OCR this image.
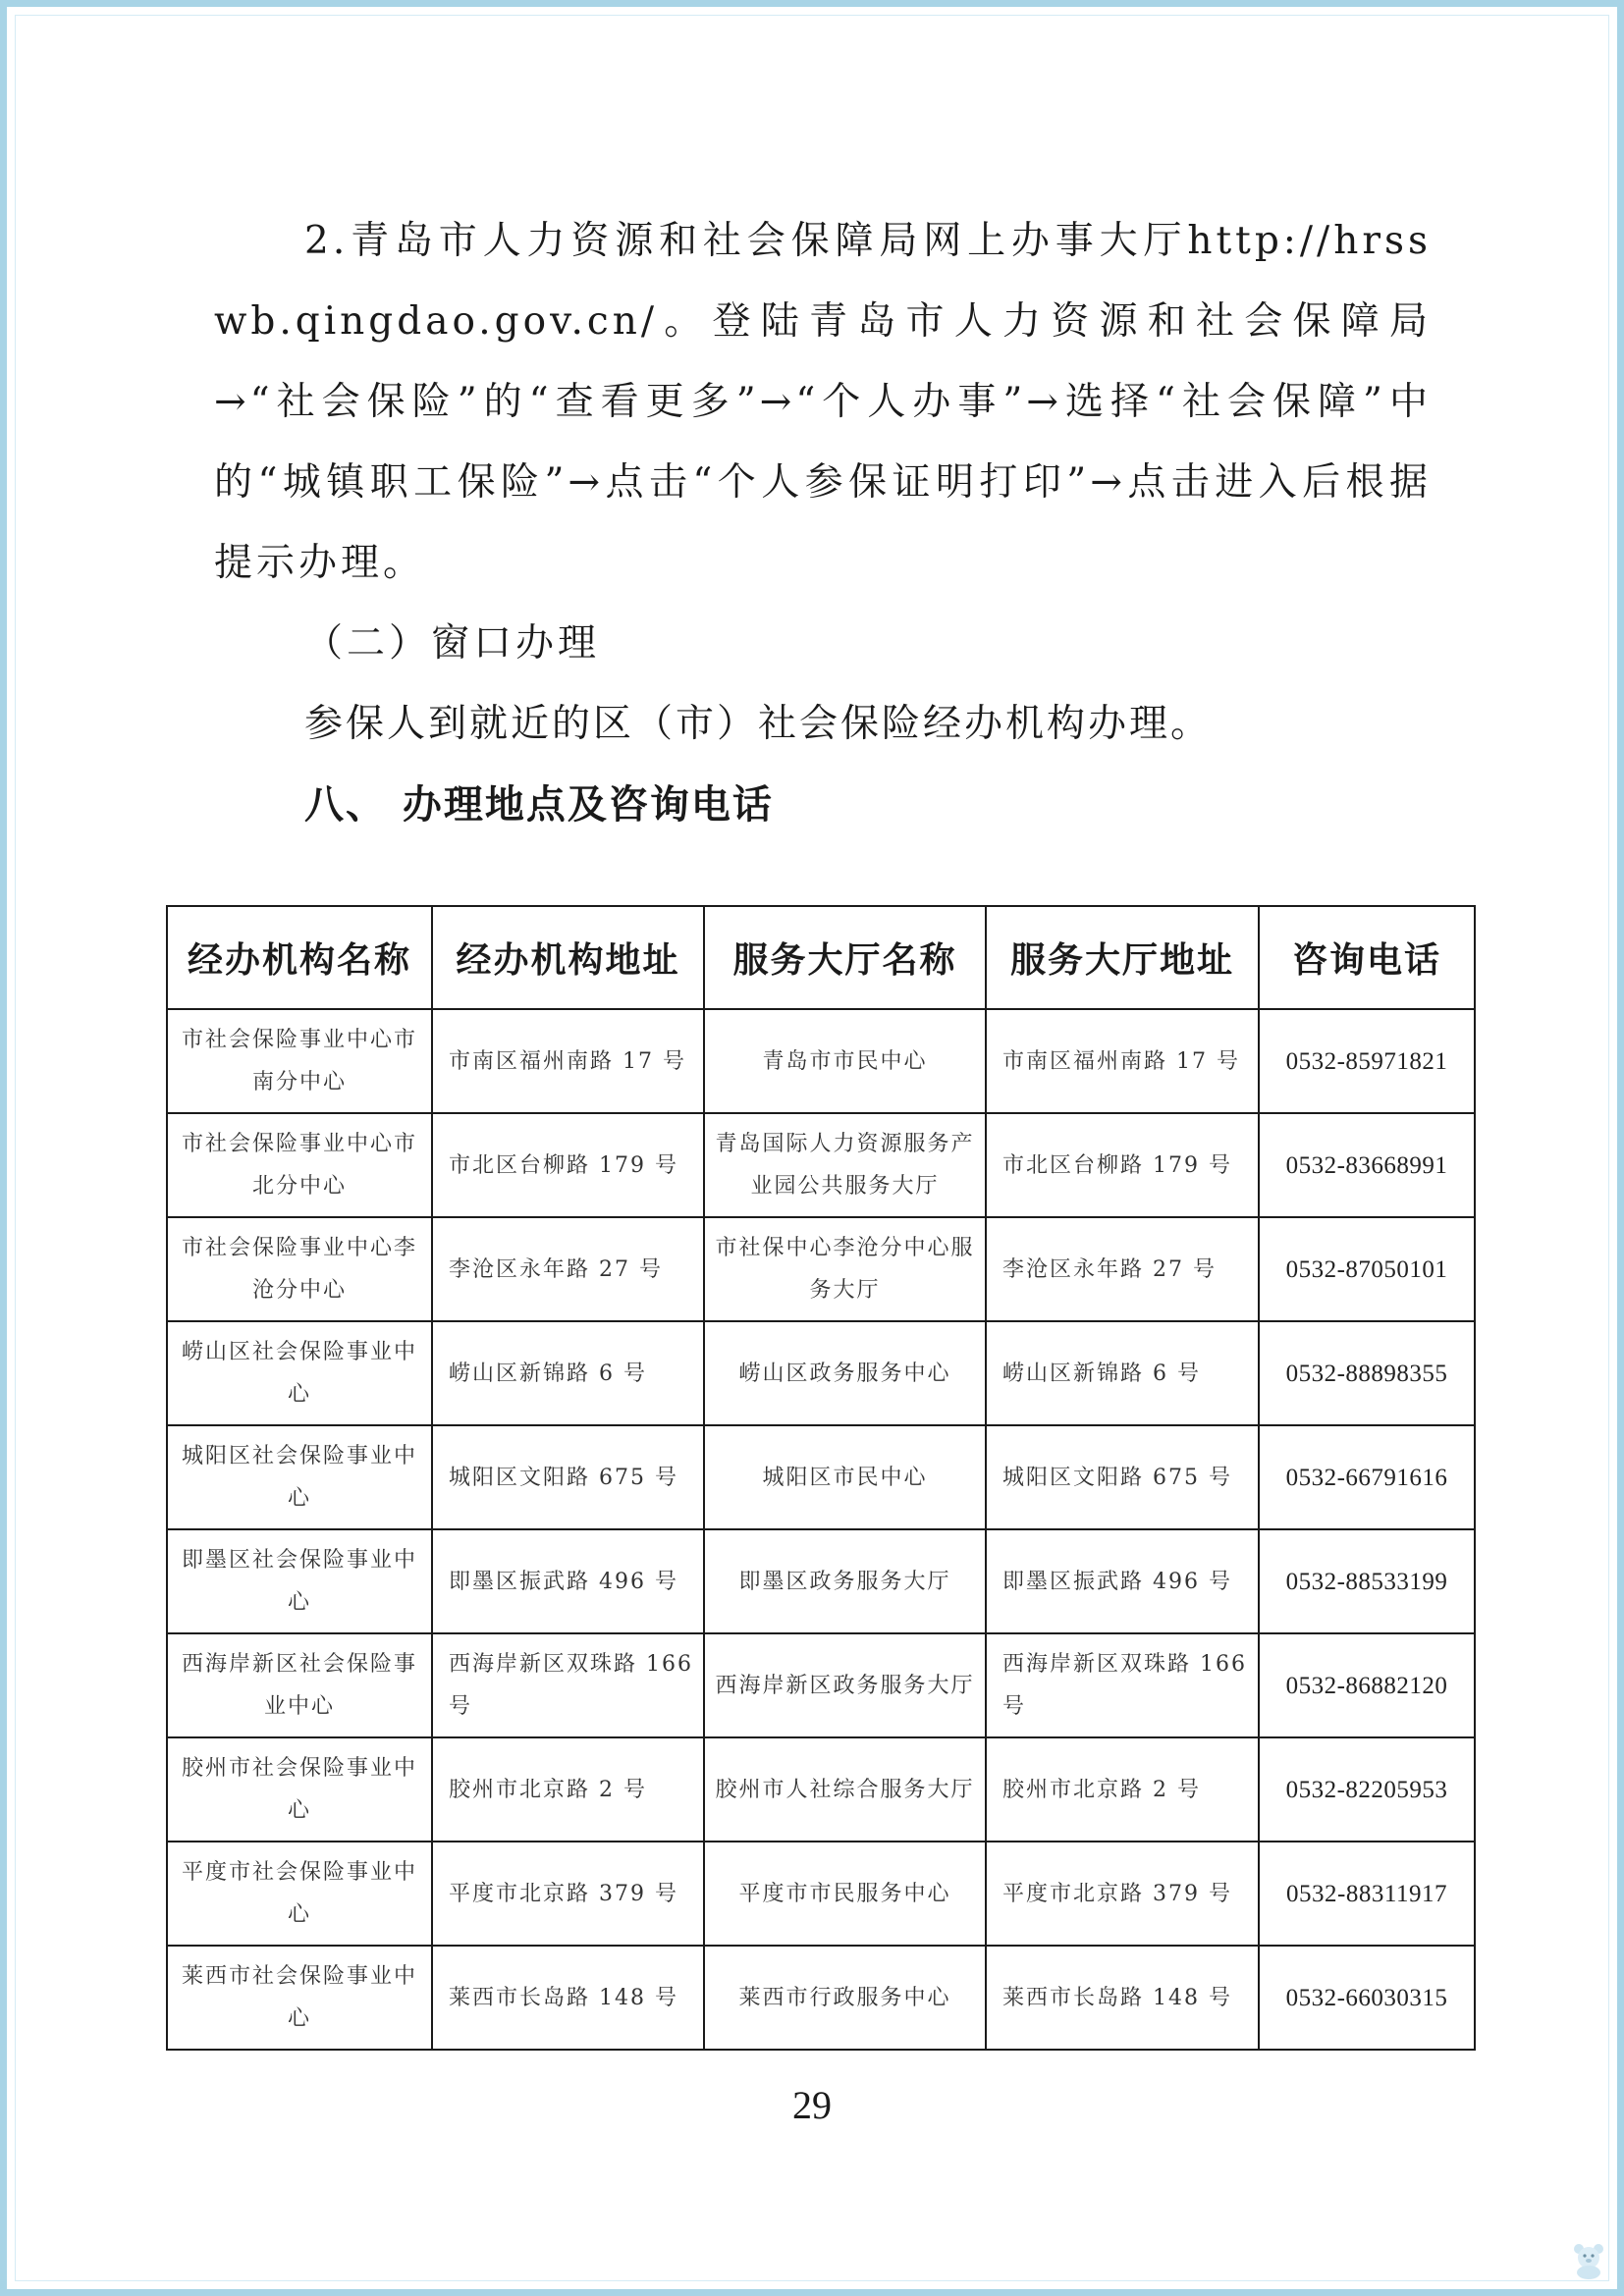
2.青岛市人力资源和社会保障局网上办事大厅http://hrsswb.qingdao.gov.cn/。登陆青岛市人力资源和社会保障局→“社会保险”的“查看更多”→“个人办事”→选择“社会保障”中的“城镇职工保险”→点击“个人参保证明打印”→点击进入后根据提示办理。

（二）窗口办理

参保人到就近的区（市）社会保险经办机构办理。

八、 办理地点及咨询电话

经办机构名称	经办机构地址	服务大厅名称	服务大厅地址	咨询电话
市社会保险事业中心市南分中心	市南区福州南路 17 号	青岛市市民中心	市南区福州南路 17 号	0532-85971821
市社会保险事业中心市北分中心	市北区台柳路 179 号	青岛国际人力资源服务产业园公共服务大厅	市北区台柳路 179 号	0532-83668991
市社会保险事业中心李沧分中心	李沧区永年路 27 号	市社保中心李沧分中心服务大厅	李沧区永年路 27 号	0532-87050101
崂山区社会保险事业中心	崂山区新锦路 6 号	崂山区政务服务中心	崂山区新锦路 6 号	0532-88898355
城阳区社会保险事业中心	城阳区文阳路 675 号	城阳区市民中心	城阳区文阳路 675 号	0532-66791616
即墨区社会保险事业中心	即墨区振武路 496 号	即墨区政务服务大厅	即墨区振武路 496 号	0532-88533199
西海岸新区社会保险事业中心	西海岸新区双珠路 166 号	西海岸新区政务服务大厅	西海岸新区双珠路 166 号	0532-86882120
胶州市社会保险事业中心	胶州市北京路 2 号	胶州市人社综合服务大厅	胶州市北京路 2 号	0532-82205953
平度市社会保险事业中心	平度市北京路 379 号	平度市市民服务中心	平度市北京路 379 号	0532-88311917
莱西市社会保险事业中心	莱西市长岛路 148 号	莱西市行政服务中心	莱西市长岛路 148 号	0532-66030315
29
